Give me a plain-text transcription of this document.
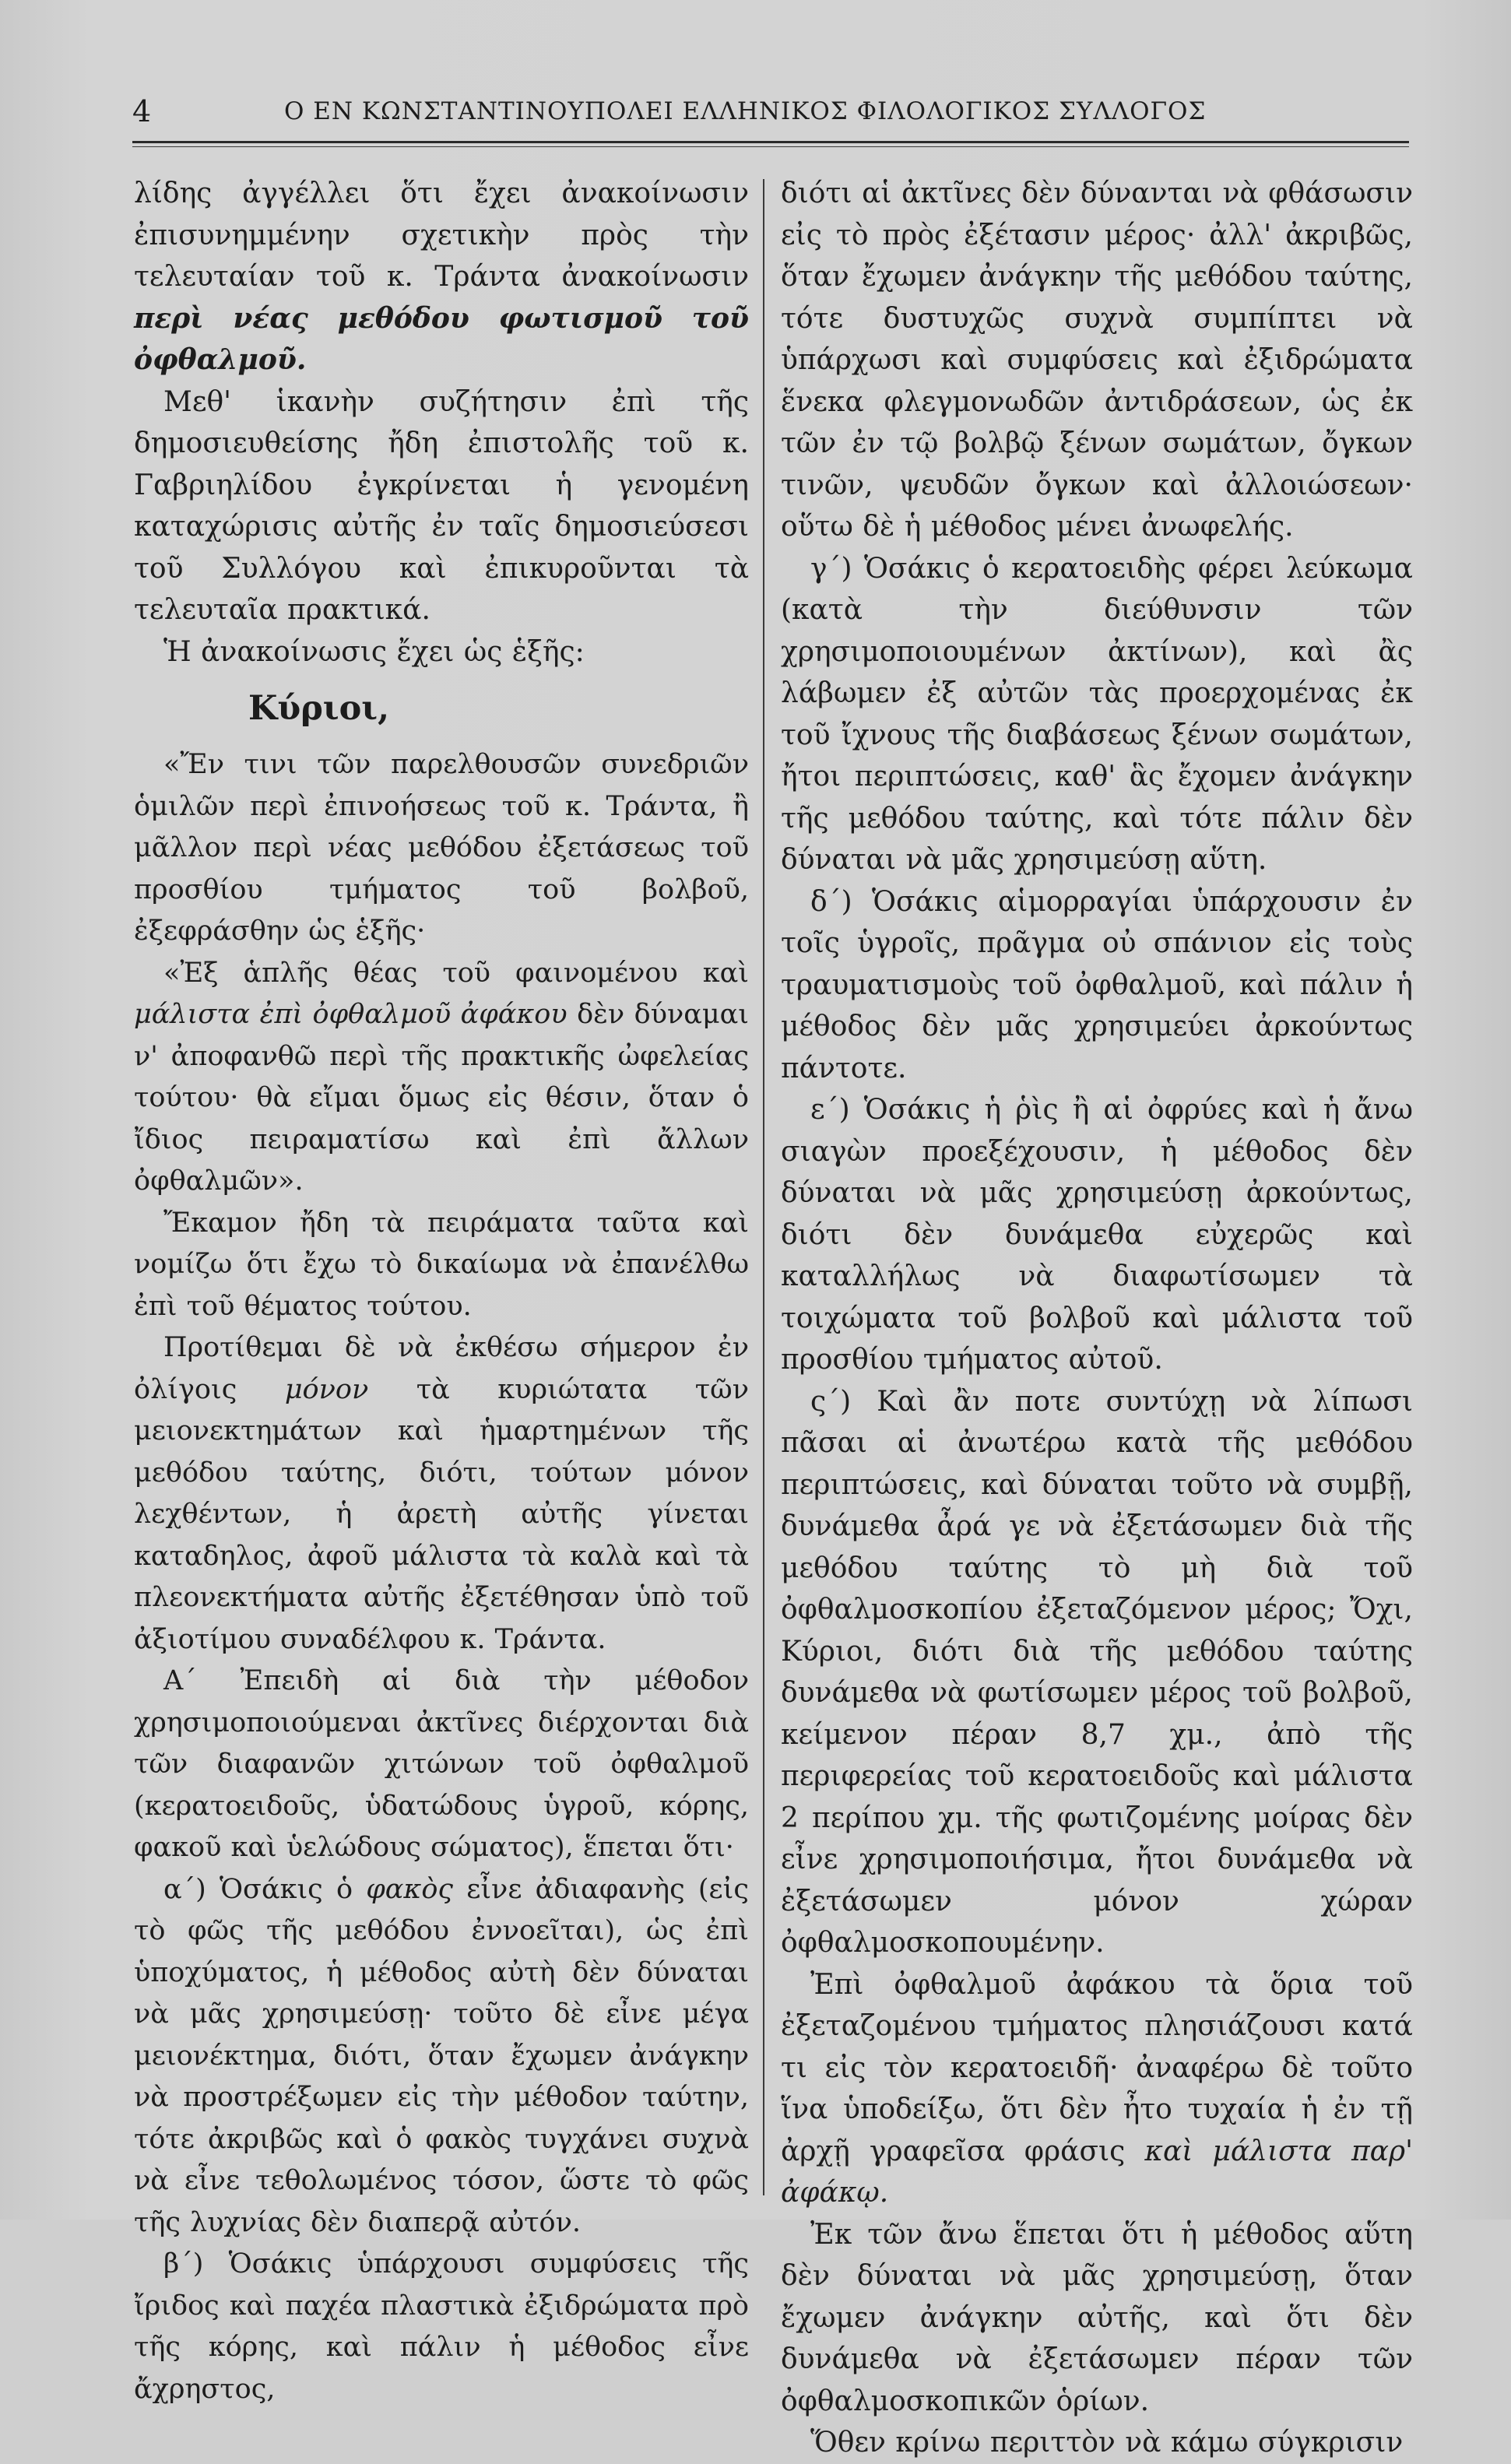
4	Ο ΕΝ ΚΩΝΣΤΑΝΤΙΝΟΥΠΟΛΕΙ ΕΛΛΗΝΙΚΟΣ ΦΙΛΟΛΟΓΙΚΟΣ ΣΥΛΛΟΓΟΣ

λίδης ἀγγέλλει ὅτι ἔχει ἀνακοίνωσιν ἐπισυνημμένην σχετικὴν πρὸς τὴν τελευταίαν τοῦ κ. Τράντα ἀνακοίνωσιν περὶ νέας μεθόδου φωτισμοῦ τοῦ ὀφθαλμοῦ.

Μεθ' ἱκανὴν συζήτησιν ἐπὶ τῆς δημοσιευθείσης ἤδη ἐπιστολῆς τοῦ κ. Γαβριηλίδου ἐγκρίνεται ἡ γενομένη καταχώρισις αὐτῆς ἐν ταῖς δημοσιεύσεσι τοῦ Συλλόγου καὶ ἐπικυροῦνται τὰ τελευταῖα πρακτικά.

Ἡ ἀνακοίνωσις ἔχει ὡς ἑξῆς:

Κύριοι,

«Ἔν τινι τῶν παρελθουσῶν συνεδριῶν ὁμιλῶν περὶ ἐπινοήσεως τοῦ κ. Τράντα, ἢ μᾶλλον περὶ νέας μεθόδου ἐξετάσεως τοῦ προσθίου τμήματος τοῦ βολβοῦ, ἐξεφράσθην ὡς ἑξῆς·

«Ἐξ ἁπλῆς θέας τοῦ φαινομένου καὶ μάλιστα ἐπὶ ὀφθαλμοῦ ἀφάκου δὲν δύναμαι ν' ἀποφανθῶ περὶ τῆς πρακτικῆς ὠφελείας τούτου· θὰ εἴμαι ὅμως εἰς θέσιν, ὅταν ὁ ἴδιος πειραματίσω καὶ ἐπὶ ἄλλων ὀφθαλμῶν».

Ἔκαμον ἤδη τὰ πειράματα ταῦτα καὶ νομίζω ὅτι ἔχω τὸ δικαίωμα νὰ ἐπανέλθω ἐπὶ τοῦ θέματος τούτου.

Προτίθεμαι δὲ νὰ ἐκθέσω σήμερον ἐν ὀλίγοις μόνον τὰ κυριώτατα τῶν μειονεκτημάτων καὶ ἡμαρτημένων τῆς μεθόδου ταύτης, διότι, τούτων μόνον λεχθέντων, ἡ ἀρετὴ αὐτῆς γίνεται καταδηλος, ἀφοῦ μάλιστα τὰ καλὰ καὶ τὰ πλεονεκτήματα αὐτῆς ἐξετέθησαν ὑπὸ τοῦ ἀξιοτίμου συναδέλφου κ. Τράντα.

Α΄ Ἐπειδὴ αἱ διὰ τὴν μέθοδον χρησιμοποιούμεναι ἀκτῖνες διέρχονται διὰ τῶν διαφανῶν χιτώνων τοῦ ὀφθαλμοῦ (κερατοειδοῦς, ὑδατώδους ὑγροῦ, κόρης, φακοῦ καὶ ὑελώδους σώματος), ἕπεται ὅτι·

α΄) Ὁσάκις ὁ φακὸς εἶνε ἀδιαφανὴς (εἰς τὸ φῶς τῆς μεθόδου ἐννοεῖται), ὡς ἐπὶ ὑποχύματος, ἡ μέθοδος αὐτὴ δὲν δύναται νὰ μᾶς χρησιμεύσῃ· τοῦτο δὲ εἶνε μέγα μειονέκτημα, διότι, ὅταν ἔχωμεν ἀνάγκην νὰ προστρέξωμεν εἰς τὴν μέθοδον ταύτην, τότε ἀκριβῶς καὶ ὁ φακὸς τυγχάνει συχνὰ νὰ εἶνε τεθολωμένος τόσον, ὥστε τὸ φῶς τῆς λυχνίας δὲν διαπερᾷ αὐτόν.

β΄) Ὁσάκις ὑπάρχουσι συμφύσεις τῆς ἴριδος καὶ παχέα πλαστικὰ ἐξιδρώματα πρὸ τῆς κόρης, καὶ πάλιν ἡ μέθοδος εἶνε ἄχρηστος,

διότι αἱ ἀκτῖνες δὲν δύνανται νὰ φθάσωσιν εἰς τὸ πρὸς ἐξέτασιν μέρος· ἀλλ' ἀκριβῶς, ὅταν ἔχωμεν ἀνάγκην τῆς μεθόδου ταύτης, τότε δυστυχῶς συχνὰ συμπίπτει νὰ ὑπάρχωσι καὶ συμφύσεις καὶ ἐξιδρώματα ἕνεκα φλεγμονωδῶν ἀντιδράσεων, ὡς ἐκ τῶν ἐν τῷ βολβῷ ξένων σωμάτων, ὄγκων τινῶν, ψευδῶν ὄγκων καὶ ἀλλοιώσεων· οὕτω δὲ ἡ μέθοδος μένει ἀνωφελής.

γ΄) Ὁσάκις ὁ κερατοειδὴς φέρει λεύκωμα (κατὰ τὴν διεύθυνσιν τῶν χρησιμοποιουμένων ἀκτίνων), καὶ ἂς λάβωμεν ἐξ αὐτῶν τὰς προερχομένας ἐκ τοῦ ἴχνους τῆς διαβάσεως ξένων σωμάτων, ἤτοι περιπτώσεις, καθ' ἃς ἔχομεν ἀνάγκην τῆς μεθόδου ταύτης, καὶ τότε πάλιν δὲν δύναται νὰ μᾶς χρησιμεύσῃ αὕτη.

δ΄) Ὁσάκις αἱμορραγίαι ὑπάρχουσιν ἐν τοῖς ὑγροῖς, πρᾶγμα οὐ σπάνιον εἰς τοὺς τραυματισμοὺς τοῦ ὀφθαλμοῦ, καὶ πάλιν ἡ μέθοδος δὲν μᾶς χρησιμεύει ἀρκούντως πάντοτε.

ε΄) Ὁσάκις ἡ ῥὶς ἢ αἱ ὀφρύες καὶ ἡ ἄνω σιαγὼν προεξέχουσιν, ἡ μέθοδος δὲν δύναται νὰ μᾶς χρησιμεύσῃ ἀρκούντως, διότι δὲν δυνάμεθα εὐχερῶς καὶ καταλλήλως νὰ διαφωτίσωμεν τὰ τοιχώματα τοῦ βολβοῦ καὶ μάλιστα τοῦ προσθίου τμήματος αὐτοῦ.

ς΄) Καὶ ἂν ποτε συντύχῃ νὰ λίπωσι πᾶσαι αἱ ἀνωτέρω κατὰ τῆς μεθόδου περιπτώσεις, καὶ δύναται τοῦτο νὰ συμβῇ, δυνάμεθα ἆρά γε νὰ ἐξετάσωμεν διὰ τῆς μεθόδου ταύτης τὸ μὴ διὰ τοῦ ὀφθαλμοσκοπίου ἐξεταζόμενον μέρος; Ὄχι, Κύριοι, διότι διὰ τῆς μεθόδου ταύτης δυνάμεθα νὰ φωτίσωμεν μέρος τοῦ βολβοῦ, κείμενον πέραν 8,7 χμ., ἀπὸ τῆς περιφερείας τοῦ κερατοειδοῦς καὶ μάλιστα 2 περίπου χμ. τῆς φωτιζομένης μοίρας δὲν εἶνε χρησιμοποιήσιμα, ἤτοι δυνάμεθα νὰ ἐξετάσωμεν μόνον χώραν ὀφθαλμοσκοπουμένην.

Ἐπὶ ὀφθαλμοῦ ἀφάκου τὰ ὅρια τοῦ ἐξεταζομένου τμήματος πλησιάζουσι κατά τι εἰς τὸν κερατοειδῆ· ἀναφέρω δὲ τοῦτο ἵνα ὑποδείξω, ὅτι δὲν ἦτο τυχαία ἡ ἐν τῇ ἀρχῇ γραφεῖσα φράσις καὶ μάλιστα παρ' ἀφάκῳ.

Ἐκ τῶν ἄνω ἕπεται ὅτι ἡ μέθοδος αὕτη δὲν δύναται νὰ μᾶς χρησιμεύσῃ, ὅταν ἔχωμεν ἀνάγκην αὐτῆς, καὶ ὅτι δὲν δυνάμεθα νὰ ἐξετάσωμεν πέραν τῶν ὀφθαλμοσκοπικῶν ὁρίων.

Ὅθεν κρίνω περιττὸν νὰ κάμω σύγκρισιν
